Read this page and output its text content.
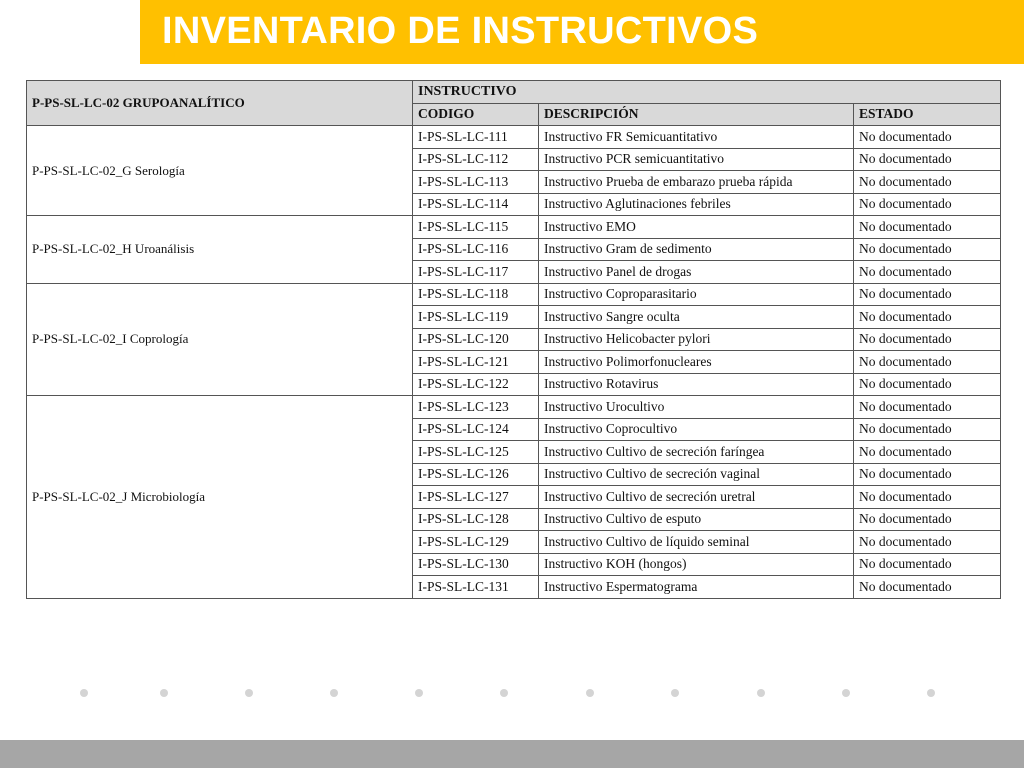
INVENTARIO DE INSTRUCTIVOS
P-PS-SL-LC-02 GRUPOANALÍTICO	INSTRUCTIVO		
	CODIGO	DESCRIPCIÓN	ESTADO
P-PS-SL-LC-02_G Serología	I-PS-SL-LC-111	Instructivo FR Semicuantitativo	No documentado
	I-PS-SL-LC-112	Instructivo PCR semicuantitativo	No documentado
	I-PS-SL-LC-113	Instructivo Prueba de embarazo prueba rápida	No documentado
	I-PS-SL-LC-114	Instructivo Aglutinaciones febriles	No documentado
P-PS-SL-LC-02_H Uroanálisis	I-PS-SL-LC-115	Instructivo EMO	No documentado
	I-PS-SL-LC-116	Instructivo Gram de sedimento	No documentado
	I-PS-SL-LC-117	Instructivo Panel de drogas	No documentado
P-PS-SL-LC-02_I Coprología	I-PS-SL-LC-118	Instructivo Coproparasitario	No documentado
	I-PS-SL-LC-119	Instructivo Sangre oculta	No documentado
	I-PS-SL-LC-120	Instructivo Helicobacter pylori	No documentado
	I-PS-SL-LC-121	Instructivo Polimorfonucleares	No documentado
	I-PS-SL-LC-122	Instructivo Rotavirus	No documentado
P-PS-SL-LC-02_J Microbiología	I-PS-SL-LC-123	Instructivo Urocultivo	No documentado
	I-PS-SL-LC-124	Instructivo Coprocultivo	No documentado
	I-PS-SL-LC-125	Instructivo Cultivo de secreción faríngea	No documentado
	I-PS-SL-LC-126	Instructivo Cultivo de secreción vaginal	No documentado
	I-PS-SL-LC-127	Instructivo Cultivo de secreción uretral	No documentado
	I-PS-SL-LC-128	Instructivo Cultivo de esputo	No documentado
	I-PS-SL-LC-129	Instructivo Cultivo de líquido seminal	No documentado
	I-PS-SL-LC-130	Instructivo KOH (hongos)	No documentado
	I-PS-SL-LC-131	Instructivo Espermatograma	No documentado
